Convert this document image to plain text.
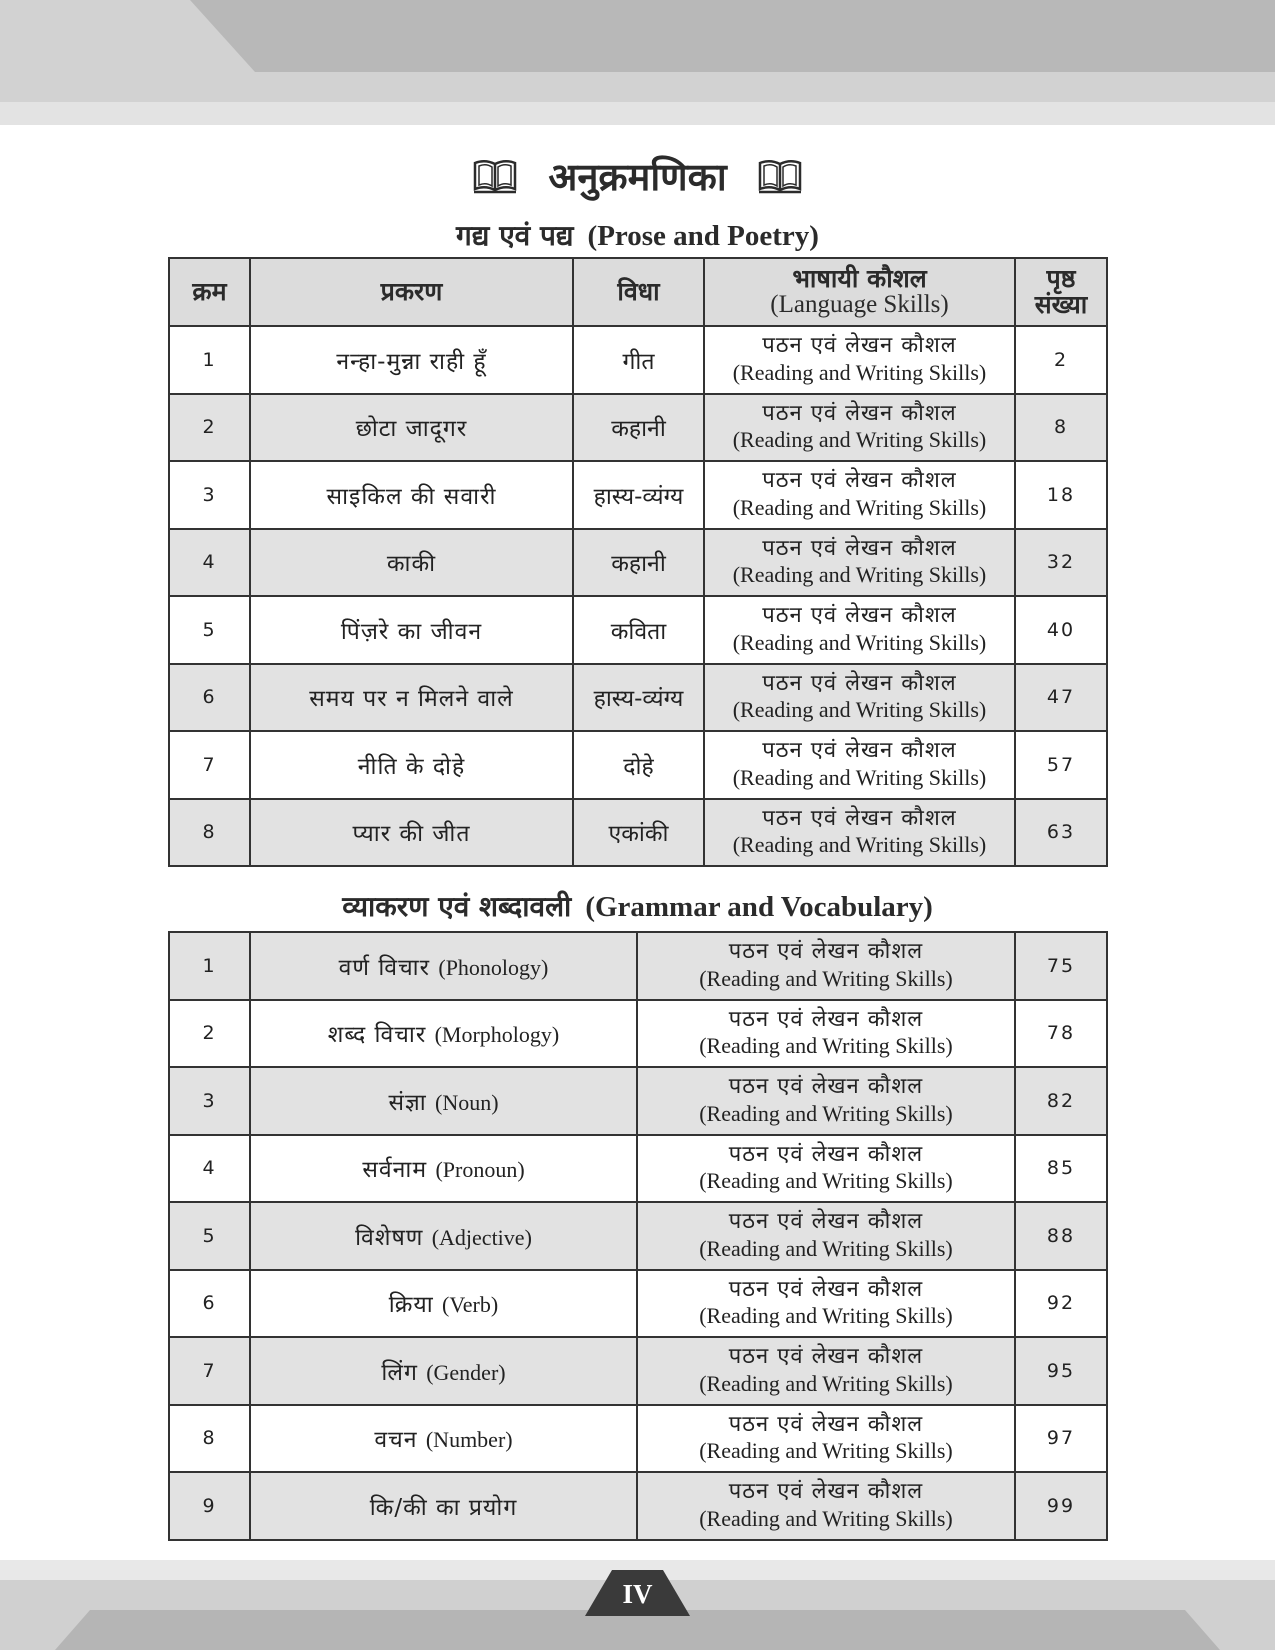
अनुक्रमणिका
गद्य एवं पद्य (Prose and Poetry)
क्रम	प्रकरण	विधा	भाषायी कौशल
(Language Skills)	पृष्ठ संख्या
1	नन्हा-मुन्ना राही हूँ	गीत	पठन एवं लेखन कौशल
(Reading and Writing Skills)	2
2	छोटा जादूगर	कहानी	पठन एवं लेखन कौशल
(Reading and Writing Skills)	8
3	साइकिल की सवारी	हास्य-व्यंग्य	पठन एवं लेखन कौशल
(Reading and Writing Skills)	18
4	काकी	कहानी	पठन एवं लेखन कौशल
(Reading and Writing Skills)	32
5	पिंज़रे का जीवन	कविता	पठन एवं लेखन कौशल
(Reading and Writing Skills)	40
6	समय पर न मिलने वाले	हास्य-व्यंग्य	पठन एवं लेखन कौशल
(Reading and Writing Skills)	47
7	नीति के दोहे	दोहे	पठन एवं लेखन कौशल
(Reading and Writing Skills)	57
8	प्यार की जीत	एकांकी	पठन एवं लेखन कौशल
(Reading and Writing Skills)	63
व्याकरण एवं शब्दावली (Grammar and Vocabulary)
1	वर्ण विचार (Phonology)	पठन एवं लेखन कौशल
(Reading and Writing Skills)	75
2	शब्द विचार (Morphology)	पठन एवं लेखन कौशल
(Reading and Writing Skills)	78
3	संज्ञा (Noun)	पठन एवं लेखन कौशल
(Reading and Writing Skills)	82
4	सर्वनाम (Pronoun)	पठन एवं लेखन कौशल
(Reading and Writing Skills)	85
5	विशेषण (Adjective)	पठन एवं लेखन कौशल
(Reading and Writing Skills)	88
6	क्रिया (Verb)	पठन एवं लेखन कौशल
(Reading and Writing Skills)	92
7	लिंग (Gender)	पठन एवं लेखन कौशल
(Reading and Writing Skills)	95
8	वचन (Number)	पठन एवं लेखन कौशल
(Reading and Writing Skills)	97
9	कि/की का प्रयोग	पठन एवं लेखन कौशल
(Reading and Writing Skills)	99
IV
